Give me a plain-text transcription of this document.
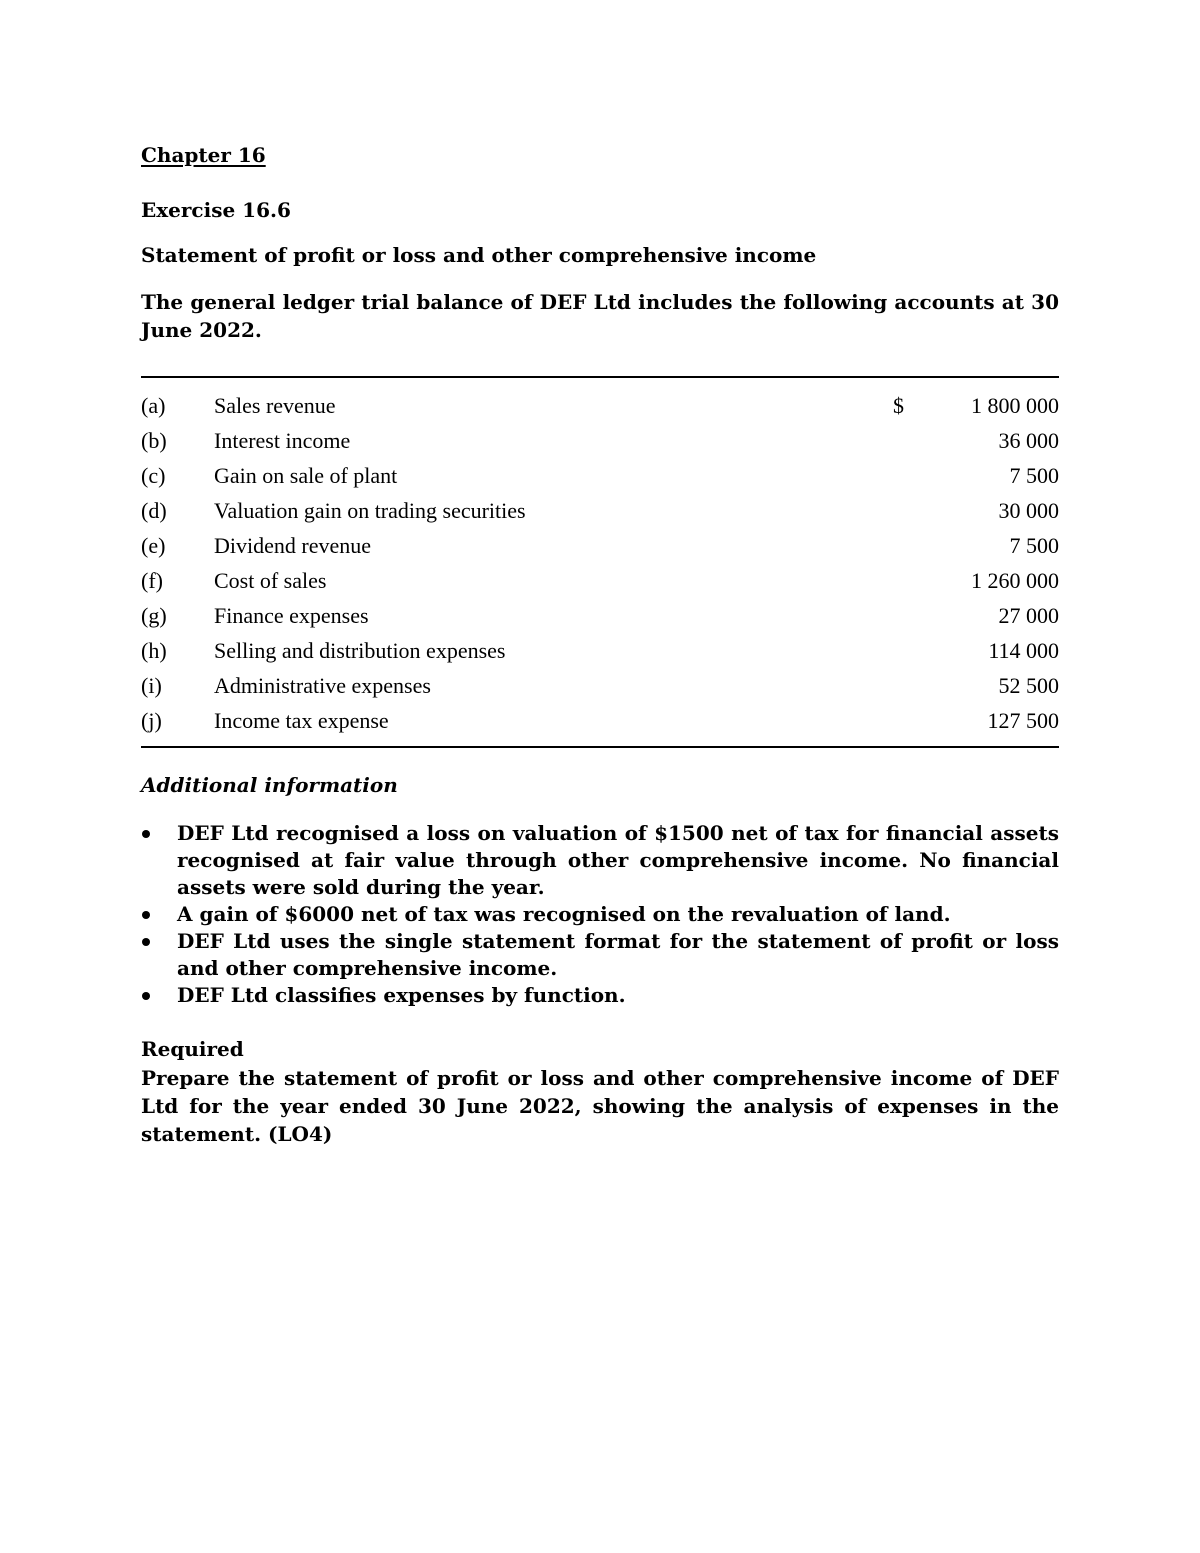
Chapter 16
Exercise 16.6
Statement of profit or loss and other comprehensive income
The general ledger trial balance of DEF Ltd includes the following accounts at 30 June 2022.
(a) Sales revenue	$	1 800 000
(b) Interest income	36 000
(c) Gain on sale of plant	7 500
(d) Valuation gain on trading securities	30 000
(e) Dividend revenue	7 500
(f) Cost of sales	1 260 000
(g) Finance expenses	27 000
(h) Selling and distribution expenses	114 000
(i) Administrative expenses	52 500
(j) Income tax expense	127 500
Additional information
DEF Ltd recognised a loss on valuation of $1500 net of tax for financial assets recognised at fair value through other comprehensive income. No financial assets were sold during the year.
A gain of $6000 net of tax was recognised on the revaluation of land.
DEF Ltd uses the single statement format for the statement of profit or loss and other comprehensive income.
DEF Ltd classifies expenses by function.
Required
Prepare the statement of profit or loss and other comprehensive income of DEF Ltd for the year ended 30 June 2022, showing the analysis of expenses in the statement. (LO4)
